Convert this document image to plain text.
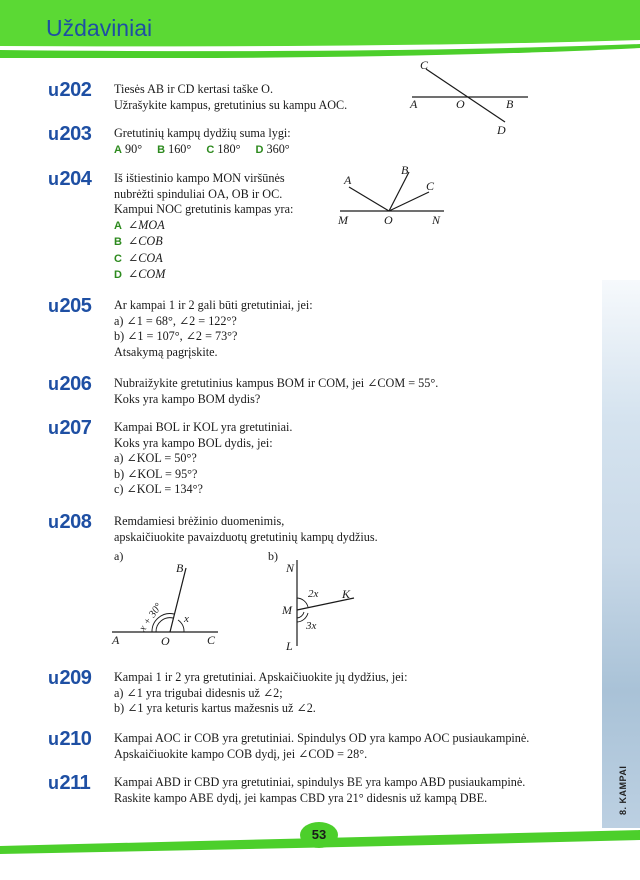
Uždaviniai
8. KAMPAI
u202 Tiesės AB ir CD kertasi taške O.
Užrašykite kampus, gretutinius su kampu AOC.
C
A	O	B
D
u203 Gretutinių kampų dydžių suma lygi:
A 90° B 160° C 180° D 360°
u204 Iš ištiestinio kampo MON viršūnės
nubrėžti spinduliai OA, OB ir OC.
Kampui NOC gretutinis kampas yra:
A ∠MOA
B ∠COB
C ∠COA
D ∠COM
A
B
C
M	O	N
u205 Ar kampai 1 ir 2 gali būti gretutiniai, jei:
a) ∠1 = 68°, ∠2 = 122°?
b) ∠1 = 107°, ∠2 = 73°?
Atsakymą pagrįskite.
u206 Nubraižykite gretutinius kampus BOM ir COM, jei ∠COM = 55°.
Koks yra kampo BOM dydis?
u207 Kampai BOL ir KOL yra gretutiniai.
Koks yra kampo BOL dydis, jei:
a) ∠KOL = 50°?
b) ∠KOL = 95°?
c) ∠KOL = 134°?
u208 Remdamiesi brėžinio duomenimis,
apskaičiuokite pavaizduotų gretutinių kampų dydžius.
a)
B
A	O	C
x + 30° x
b)
N
K
M
L
2x
3x
u209 Kampai 1 ir 2 yra gretutiniai. Apskaičiuokite jų dydžius, jei:
a) ∠1 yra trigubai didesnis už ∠2;
b) ∠1 yra keturis kartus mažesnis už ∠2.
u210 Kampai AOC ir COB yra gretutiniai. Spindulys OD yra kampo AOC pusiaukampinė.
Apskaičiuokite kampo COB dydį, jei ∠COD = 28°.
u211 Kampai ABD ir CBD yra gretutiniai, spindulys BE yra kampo ABD pusiaukampinė.
Raskite kampo ABE dydį, jei kampas CBD yra 21° didesnis už kampą DBE.
53
